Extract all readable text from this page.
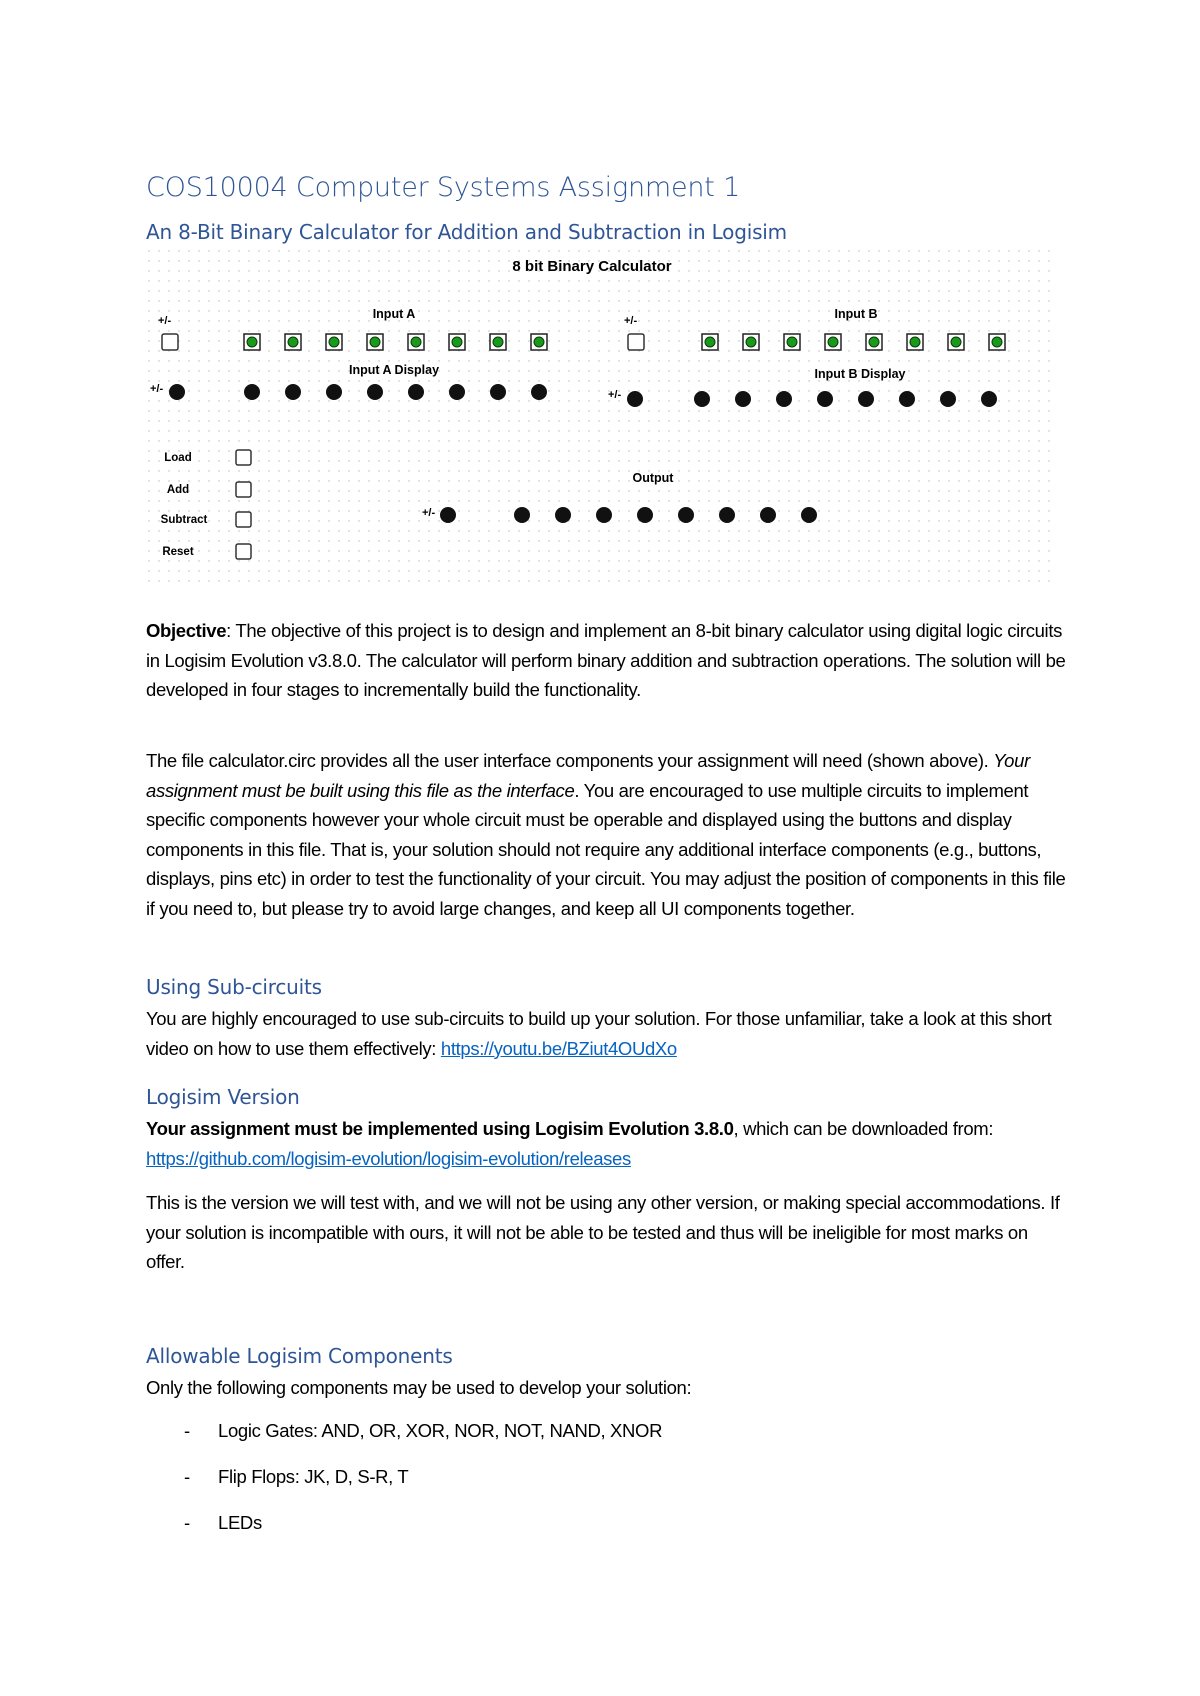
COS10004 Computer Systems Assignment 1
An 8-Bit Binary Calculator for Addition and Subtraction in Logisim
8 bit Binary Calculator
Input A
+/-
Input A Display
+/-
Input B
+/-
Input B Display
+/-
Load
Add
Subtract
Reset
Output
+/-

Objective: The objective of this project is to design and implement an 8-bit binary calculator using digital logic circuits in Logisim Evolution v3.8.0. The calculator will perform binary addition and subtraction operations. The solution will be developed in four stages to incrementally build the functionality.

The file calculator.circ provides all the user interface components your assignment will need (shown above). Your assignment must be built using this file as the interface. You are encouraged to use multiple circuits to implement specific components however your whole circuit must be operable and displayed using the buttons and display components in this file. That is, your solution should not require any additional interface components (e.g., buttons, displays, pins etc) in order to test the functionality of your circuit. You may adjust the position of components in this file if you need to, but please try to avoid large changes, and keep all UI components together.

Using Sub-circuits

You are highly encouraged to use sub-circuits to build up your solution. For those unfamiliar, take a look at this short video on how to use them effectively: https://youtu.be/BZiut4OUdXo

Logisim Version

Your assignment must be implemented using Logisim Evolution 3.8.0, which can be downloaded from: https://github.com/logisim-evolution/logisim-evolution/releases

This is the version we will test with, and we will not be using any other version, or making special accommodations. If your solution is incompatible with ours, it will not be able to be tested and thus will be ineligible for most marks on offer.

Allowable Logisim Components

Only the following components may be used to develop your solution:

- Logic Gates: AND, OR, XOR, NOR, NOT, NAND, XNOR
- Flip Flops: JK, D, S-R, T
- LEDs
